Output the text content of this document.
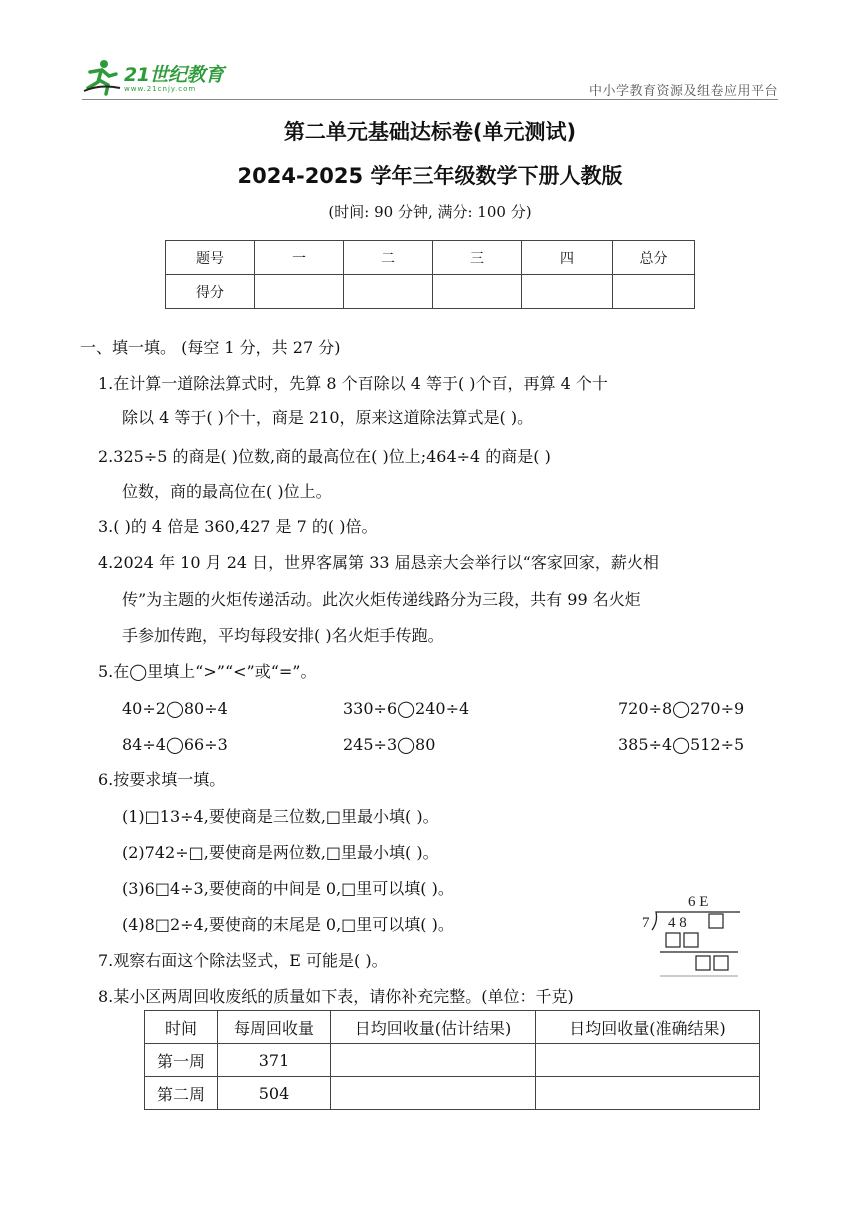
21世纪教育
www.21cnjy.com	中小学教育资源及组卷应用平台
第二单元基础达标卷(单元测试)
2024-2025 学年三年级数学下册人教版
(时间: 90 分钟, 满分: 100 分)
题号	一	二	三	四	总分
得分					
一、填一填。 (每空 1 分，共 27 分)
1.在计算一道除法算式时，先算 8 个百除以 4 等于( )个百，再算 4 个十
除以 4 等于( )个十，商是 210，原来这道除法算式是( )。
2.325÷5 的商是( )位数,商的最高位在( )位上;464÷4 的商是( )
位数，商的最高位在( )位上。
3.( )的 4 倍是 360,427 是 7 的( )倍。
4.2024 年 10 月 24 日，世界客属第 33 届恳亲大会举行以“客家回家，薪火相
传”为主题的火炬传递活动。此次火炬传递线路分为三段，共有 99 名火炬
手参加传跑，平均每段安排( )名火炬手传跑。
5.在◯里填上“>”“<”或“=”。
40÷2◯80÷4	330÷6◯240÷4	720÷8◯270÷9
84÷4◯66÷3	245÷3◯80	385÷4◯512÷5
6.按要求填一填。
(1)□13÷4,要使商是三位数,□里最小填( )。
(2)742÷□,要使商是两位数,□里最小填( )。
(3)6□4÷3,要使商的中间是 0,□里可以填( )。
(4)8□2÷4,要使商的末尾是 0,□里可以填( )。
6 E
7 4 8
7.观察右面这个除法竖式，E 可能是( )。
8.某小区两周回收废纸的质量如下表，请你补充完整。(单位：千克)
时间	每周回收量	日均回收量(估计结果)	日均回收量(准确结果)
第一周	371		
第二周	504		
